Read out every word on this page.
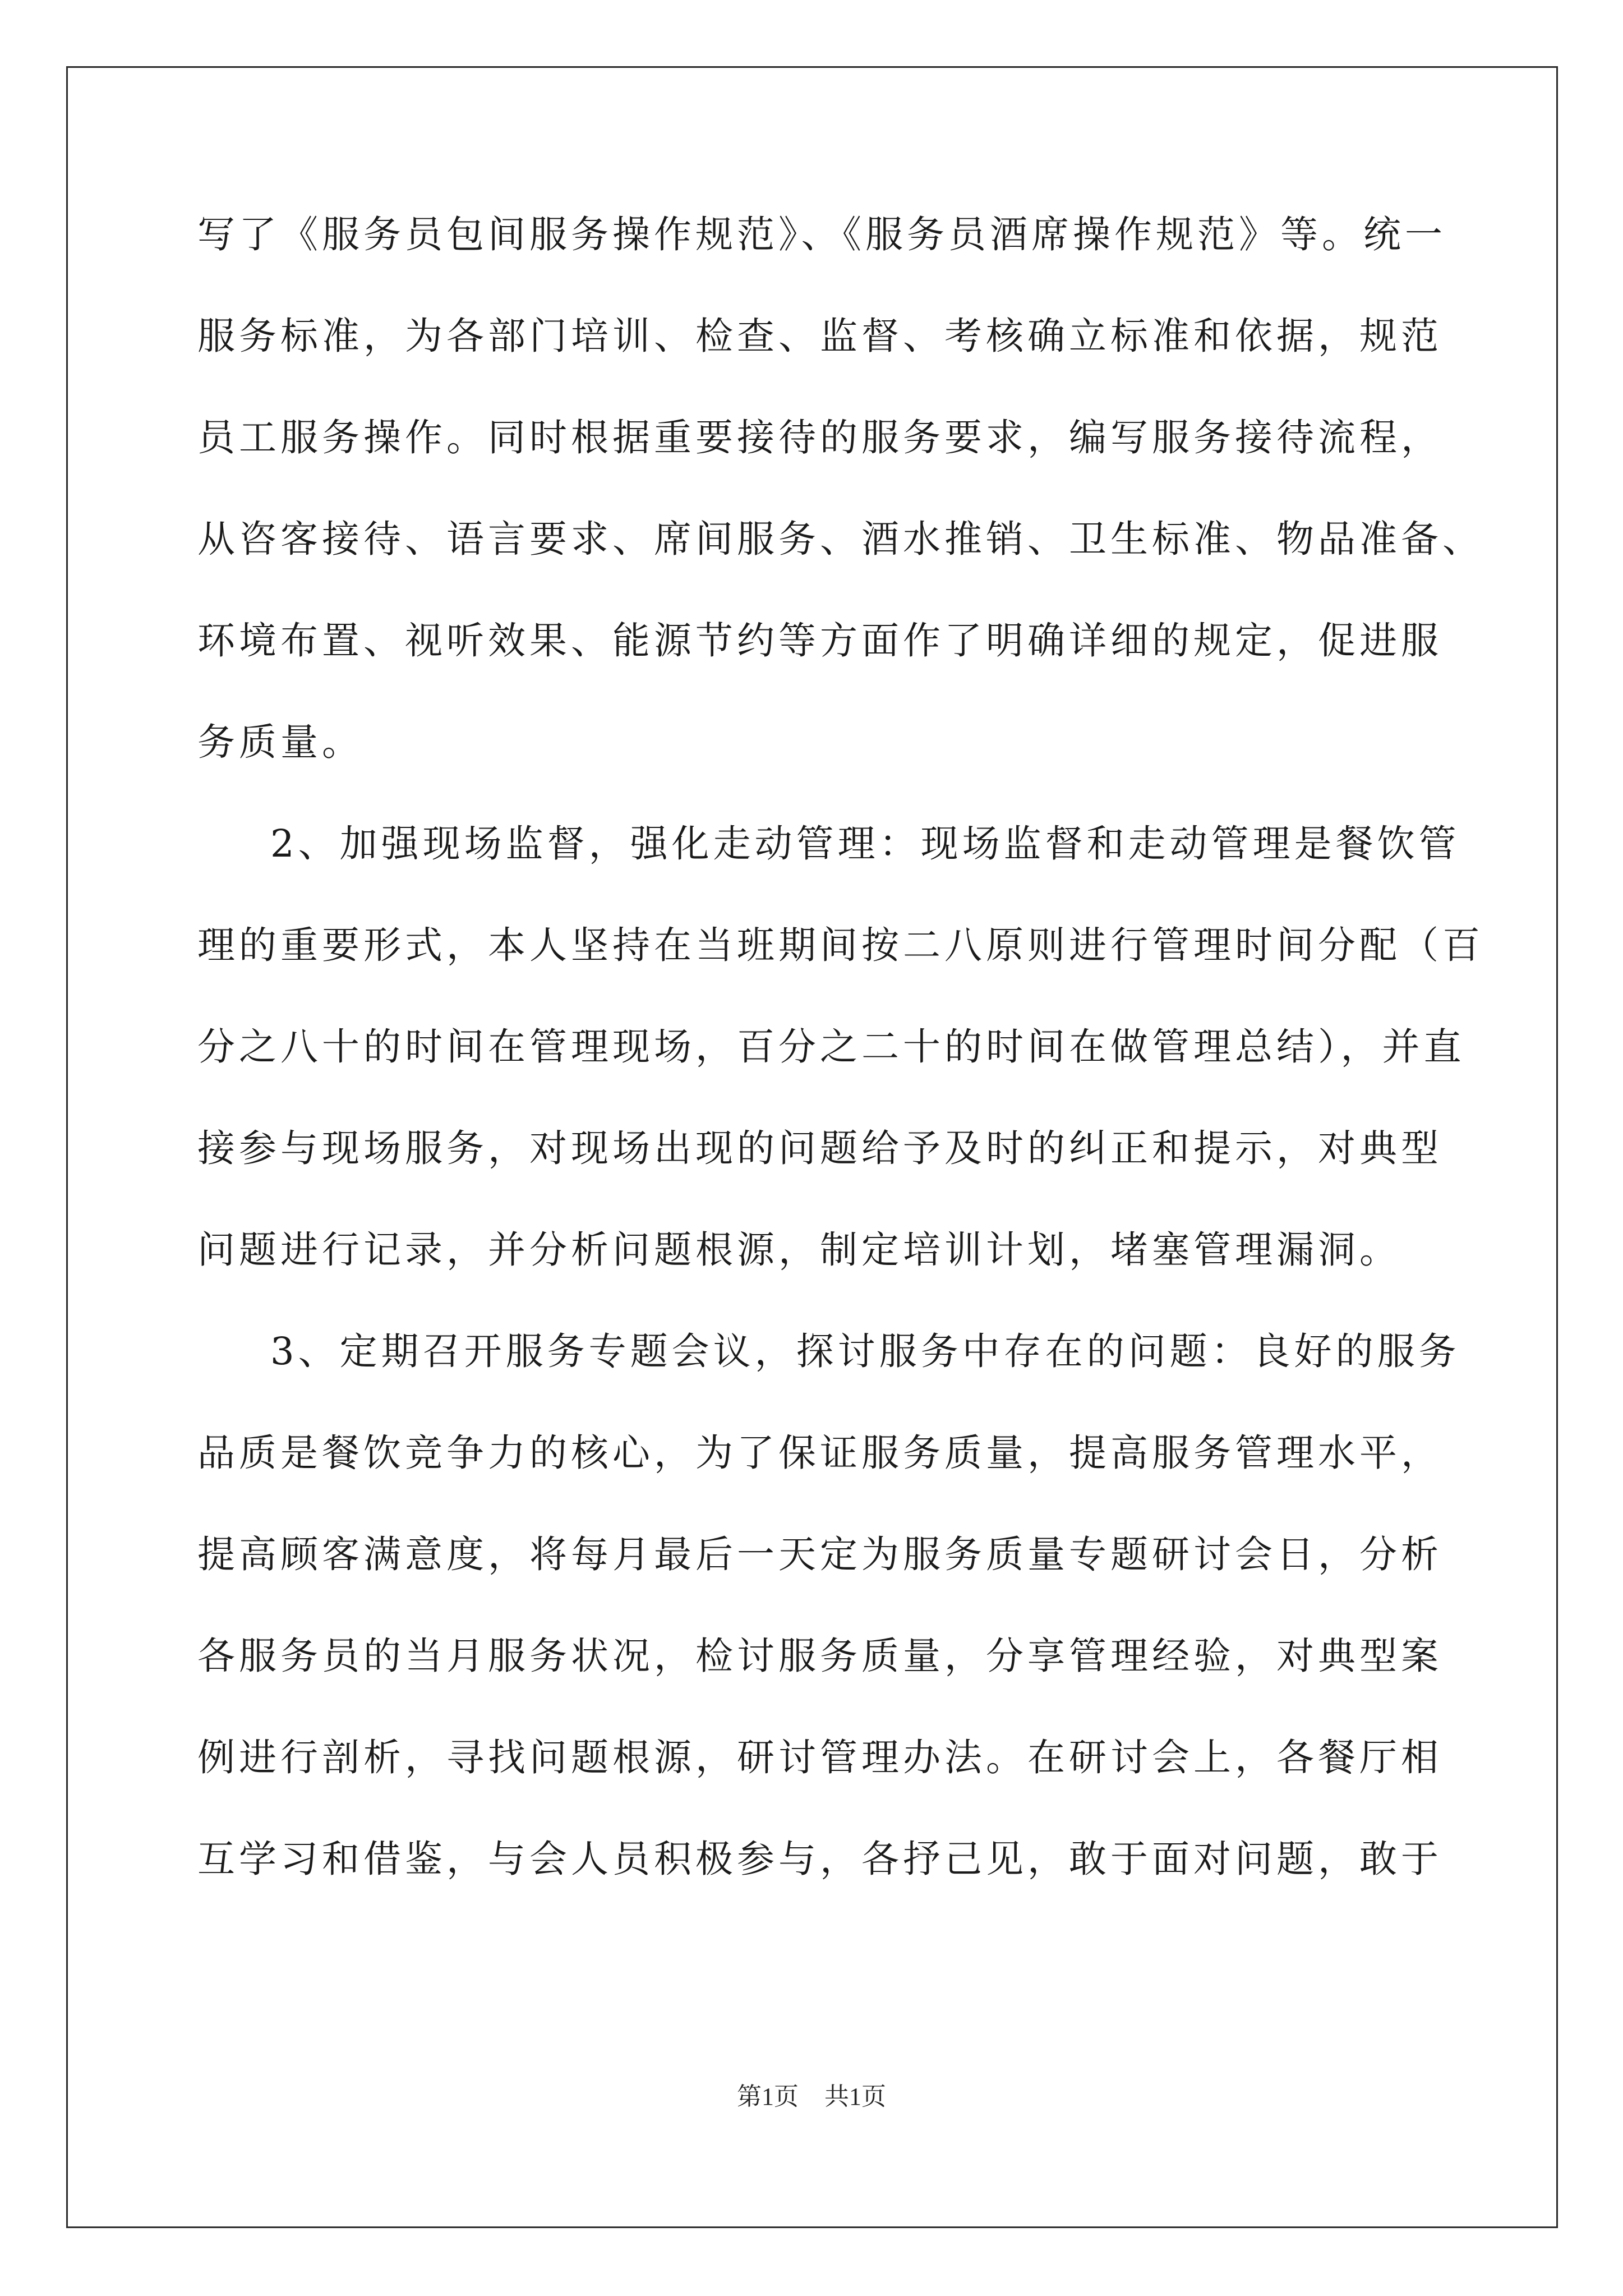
写了《服务员包间服务操作规范》、《服务员酒席操作规范》等。统一
服务标准，为各部门培训、检查、监督、考核确立标准和依据，规范
员工服务操作。同时根据重要接待的服务要求，编写服务接待流程，
从咨客接待、语言要求、席间服务、酒水推销、卫生标准、物品准备、
环境布置、视听效果、能源节约等方面作了明确详细的规定，促进服
务质量。
2、加强现场监督，强化走动管理：现场监督和走动管理是餐饮管
理的重要形式，本人坚持在当班期间按二八原则进行管理时间分配（百
分之八十的时间在管理现场，百分之二十的时间在做管理总结），并直
接参与现场服务，对现场出现的问题给予及时的纠正和提示，对典型
问题进行记录，并分析问题根源，制定培训计划，堵塞管理漏洞。
3、定期召开服务专题会议，探讨服务中存在的问题：良好的服务
品质是餐饮竞争力的核心，为了保证服务质量，提高服务管理水平，
提高顾客满意度，将每月最后一天定为服务质量专题研讨会日，分析
各服务员的当月服务状况，检讨服务质量，分享管理经验，对典型案
例进行剖析，寻找问题根源，研讨管理办法。在研讨会上，各餐厅相
互学习和借鉴，与会人员积极参与，各抒己见，敢于面对问题，敢于
第1页 共1页
